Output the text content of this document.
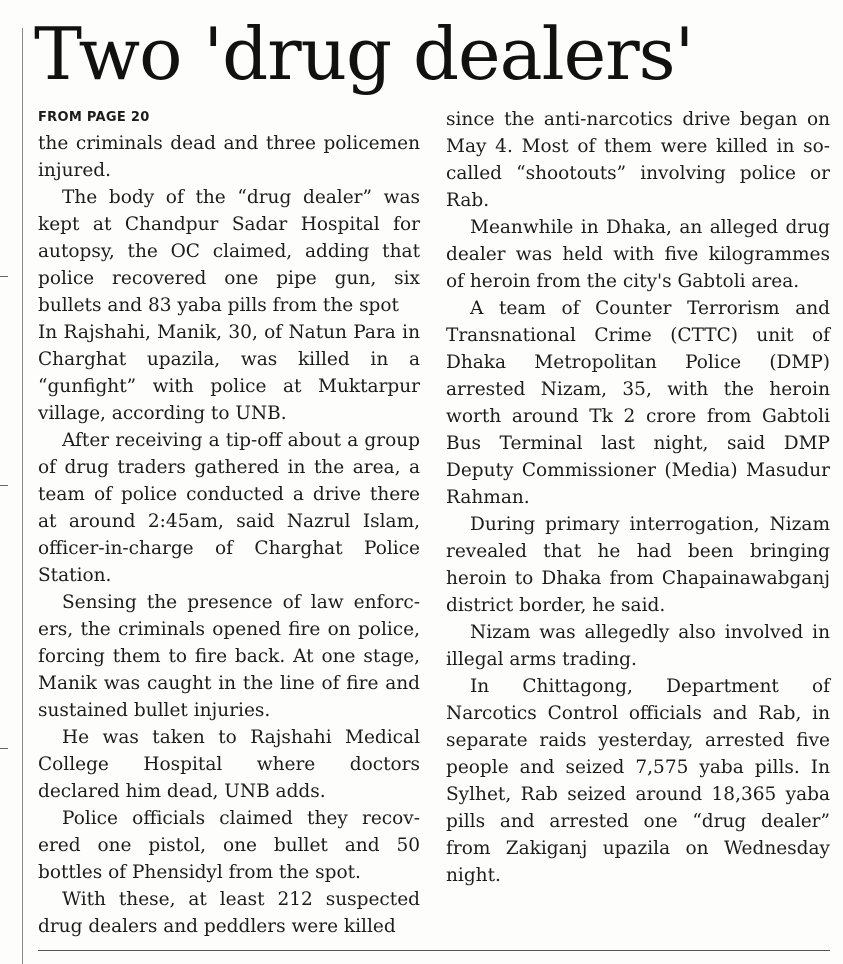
Two 'drug dealers'
FROM PAGE 20

the criminals dead and three policemen injured.

The body of the “drug dealer” was kept at Chandpur Sadar Hospital for autopsy, the OC claimed, adding that police recovered one pipe gun, six bullets and 83 yaba pills from the spot

In Rajshahi, Manik, 30, of Natun Para in Charghat upazila, was killed in a “gunfight” with police at Muktarpur village, according to UNB.

After receiving a tip-off about a group of drug traders gathered in the area, a team of police conducted a drive there at around 2:45am, said Nazrul Islam, officer-in-charge of Charghat Police Station.

Sensing the presence of law enforcers, the criminals opened fire on police, forcing them to fire back. At one stage, Manik was caught in the line of fire and sustained bullet injuries.

He was taken to Rajshahi Medical College Hospital where doctors declared him dead, UNB adds.

Police officials claimed they recovered one pistol, one bullet and 50 bottles of Phensidyl from the spot.

With these, at least 212 suspected drug dealers and peddlers were killed

since the anti-narcotics drive began on May 4. Most of them were killed in so-called “shootouts” involving police or Rab.

Meanwhile in Dhaka, an alleged drug dealer was held with five kilogrammes of heroin from the city's Gabtoli area.

A team of Counter Terrorism and Transnational Crime (CTTC) unit of Dhaka Metropolitan Police (DMP) arrested Nizam, 35, with the heroin worth around Tk 2 crore from Gabtoli Bus Terminal last night, said DMP Deputy Commissioner (Media) Masudur Rahman.

During primary interrogation, Nizam revealed that he had been bringing heroin to Dhaka from Chapainawabganj district border, he said.

Nizam was allegedly also involved in illegal arms trading.

In Chittagong, Department of Narcotics Control officials and Rab, in separate raids yesterday, arrested five people and seized 7,575 yaba pills. In Sylhet, Rab seized around 18,365 yaba pills and arrested one “drug dealer” from Zakiganj upazila on Wednesday night.
